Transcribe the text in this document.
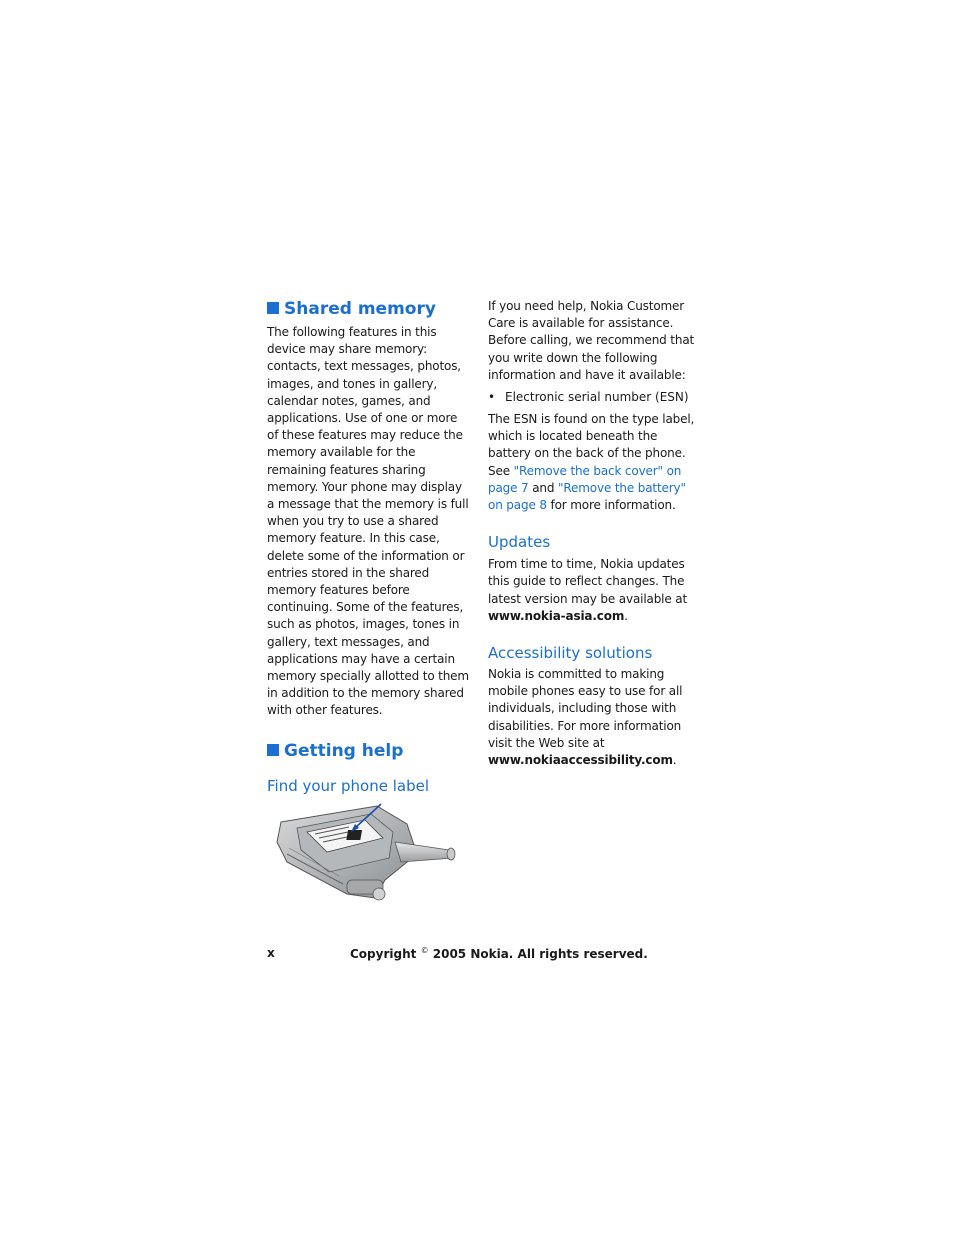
Shared memory

The following features in this device may share memory: contacts, text messages, photos, images, and tones in gallery, calendar notes, games, and applications. Use of one or more of these features may reduce the memory available for the remaining features sharing memory. Your phone may display a message that the memory is full when you try to use a shared memory feature. In this case, delete some of the information or entries stored in the shared memory features before continuing. Some of the features, such as photos, images, tones in gallery, text messages, and applications may have a certain memory specially allotted to them in addition to the memory shared with other features.

Getting help
Find your phone label

If you need help, Nokia Customer Care is available for assistance. Before calling, we recommend that you write down the following information and have it available:

• Electronic serial number (ESN)

The ESN is found on the type label, which is located beneath the battery on the back of the phone. See "Remove the back cover" on page 7 and "Remove the battery" on page 8 for more information.

Updates

From time to time, Nokia updates this guide to reflect changes. The latest version may be available at www.nokia-asia.com.

Accessibility solutions

Nokia is committed to making mobile phones easy to use for all individuals, including those with disabilities. For more information visit the Web site at www.nokiaaccessibility.com.

x	Copyright © 2005 Nokia. All rights reserved.
